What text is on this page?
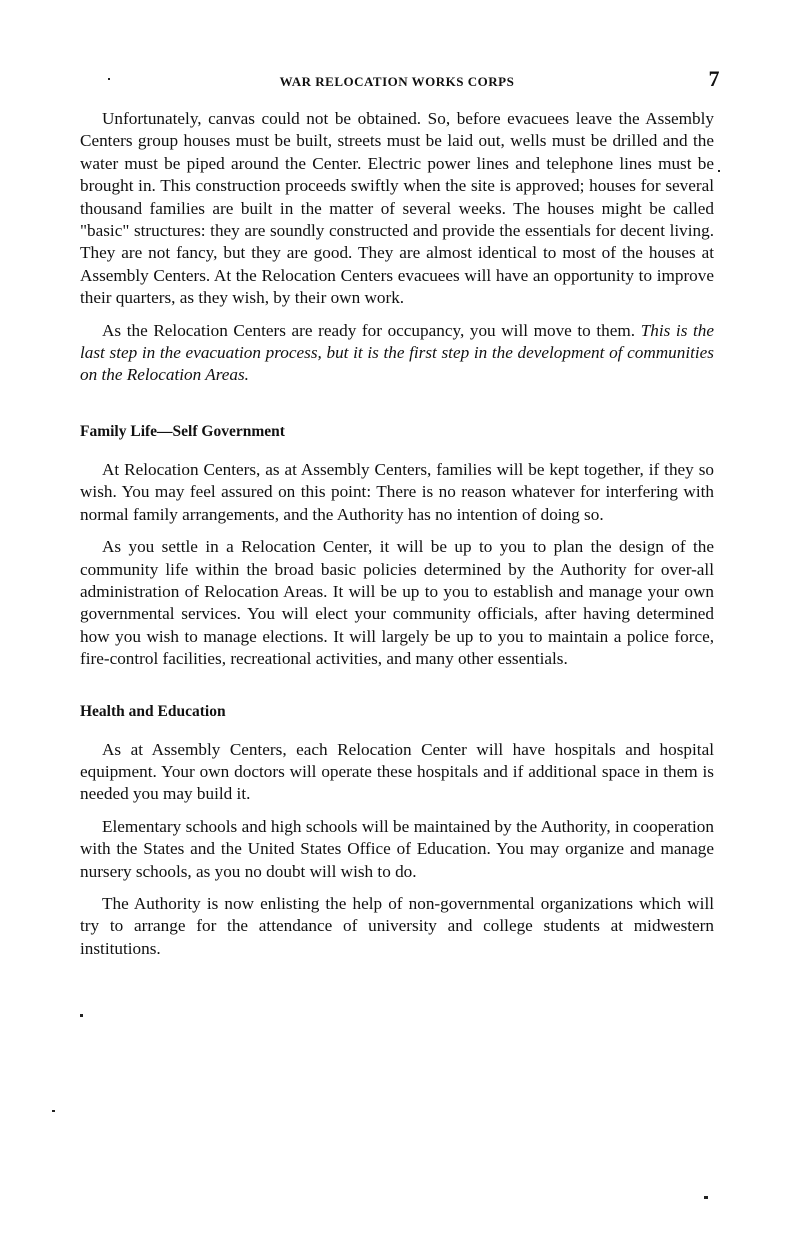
WAR RELOCATION WORKS CORPS	7

Unfortunately, canvas could not be obtained. So, before evacuees leave the Assembly Centers group houses must be built, streets must be laid out, wells must be drilled and the water must be piped around the Center. Electric power lines and telephone lines must be brought in. This construction proceeds swiftly when the site is approved; houses for several thousand families are built in the matter of several weeks. The houses might be called "basic" structures: they are soundly constructed and provide the essentials for decent living. They are not fancy, but they are good. They are almost identical to most of the houses at Assembly Centers. At the Relocation Centers evacuees will have an opportunity to improve their quarters, as they wish, by their own work.

As the Relocation Centers are ready for occupancy, you will move to them. This is the last step in the evacuation process, but it is the first step in the development of communities on the Relocation Areas.

Family Life—Self Government

At Relocation Centers, as at Assembly Centers, families will be kept together, if they so wish. You may feel assured on this point: There is no reason whatever for interfering with normal family arrangements, and the Authority has no intention of doing so.

As you settle in a Relocation Center, it will be up to you to plan the design of the community life within the broad basic policies determined by the Authority for over-all administration of Relocation Areas. It will be up to you to establish and manage your own governmental services. You will elect your community officials, after having determined how you wish to manage elections. It will largely be up to you to maintain a police force, fire-control facilities, recreational activities, and many other essentials.

Health and Education

As at Assembly Centers, each Relocation Center will have hospitals and hospital equipment. Your own doctors will operate these hospitals and if additional space in them is needed you may build it.

Elementary schools and high schools will be maintained by the Authority, in cooperation with the States and the United States Office of Education. You may organize and manage nursery schools, as you no doubt will wish to do.

The Authority is now enlisting the help of non-governmental organizations which will try to arrange for the attendance of university and college students at midwestern institutions.
